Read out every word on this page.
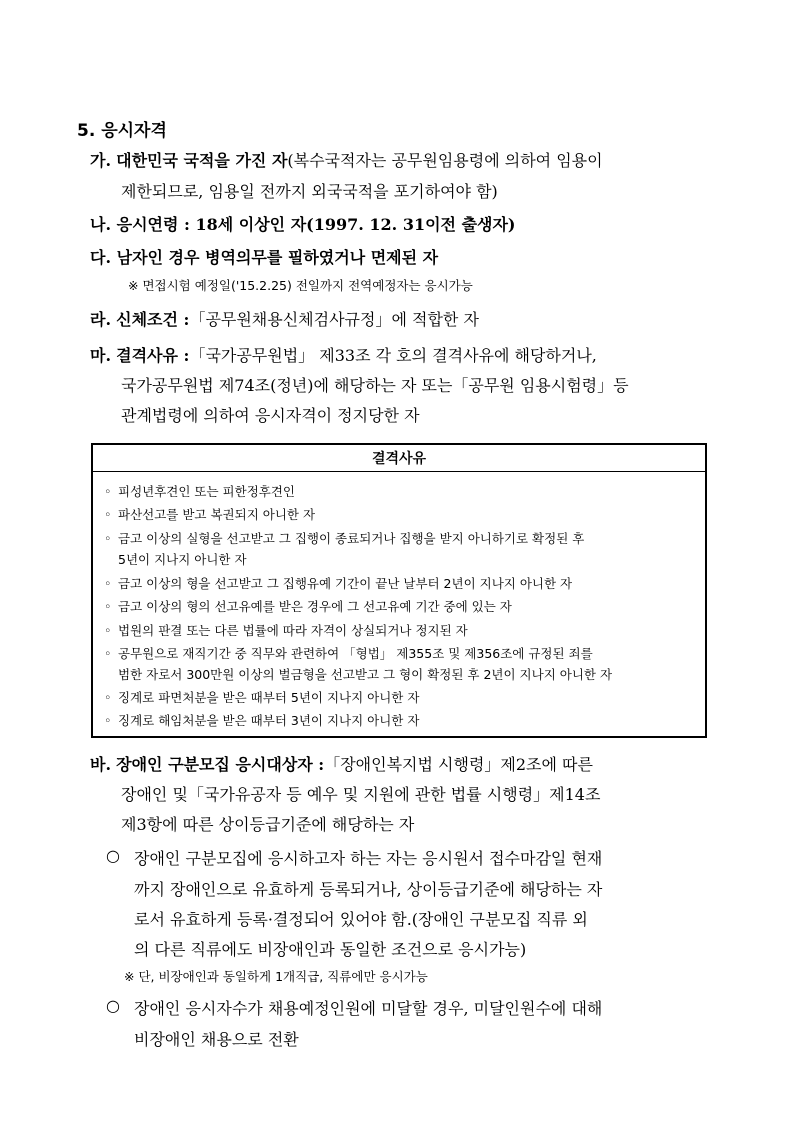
5. 응시자격
가. 대한민국 국적을 가진 자(복수국적자는 공무원임용령에 의하여 임용이
제한되므로, 임용일 전까지 외국국적을 포기하여야 함)
나. 응시연령 : 18세 이상인 자(1997. 12. 31이전 출생자)
다. 남자인 경우 병역의무를 필하였거나 면제된 자
※ 면접시험 예정일('15.2.25) 전일까지 전역예정자는 응시가능
라. 신체조건 :「공무원채용신체검사규정」에 적합한 자
마. 결격사유 :「국가공무원법」 제33조 각 호의 결격사유에 해당하거나,
국가공무원법 제74조(정년)에 해당하는 자 또는「공무원 임용시험령」등
관계법령에 의하여 응시자격이 정지당한 자
결격사유
◦ 피성년후견인 또는 피한정후견인
◦ 파산선고를 받고 복권되지 아니한 자
◦ 금고 이상의 실형을 선고받고 그 집행이 종료되거나 집행을 받지 아니하기로 확정된 후
5년이 지나지 아니한 자
◦ 금고 이상의 형을 선고받고 그 집행유예 기간이 끝난 날부터 2년이 지나지 아니한 자
◦ 금고 이상의 형의 선고유예를 받은 경우에 그 선고유예 기간 중에 있는 자
◦ 법원의 판결 또는 다른 법률에 따라 자격이 상실되거나 정지된 자
◦ 공무원으로 재직기간 중 직무와 관련하여 「형법」 제355조 및 제356조에 규정된 죄를
범한 자로서 300만원 이상의 벌금형을 선고받고 그 형이 확정된 후 2년이 지나지 아니한 자
◦ 징계로 파면처분을 받은 때부터 5년이 지나지 아니한 자
◦ 징계로 해임처분을 받은 때부터 3년이 지나지 아니한 자
바. 장애인 구분모집 응시대상자 :「장애인복지법 시행령」제2조에 따른
장애인 및「국가유공자 등 예우 및 지원에 관한 법률 시행령」제14조
제3항에 따른 상이등급기준에 해당하는 자
○ 장애인 구분모집에 응시하고자 하는 자는 응시원서 접수마감일 현재
까지 장애인으로 유효하게 등록되거나, 상이등급기준에 해당하는 자
로서 유효하게 등록·결정되어 있어야 함.(장애인 구분모집 직류 외
의 다른 직류에도 비장애인과 동일한 조건으로 응시가능)
※ 단, 비장애인과 동일하게 1개직급, 직류에만 응시가능
○ 장애인 응시자수가 채용예정인원에 미달할 경우, 미달인원수에 대해
비장애인 채용으로 전환
